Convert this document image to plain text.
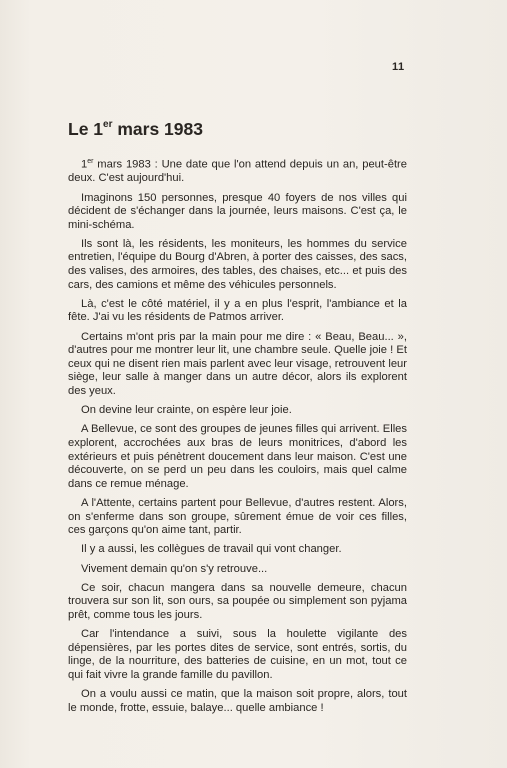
11
Le 1er mars 1983

1er mars 1983 : Une date que l'on attend depuis un an, peut-être deux. C'est aujourd'hui.

Imaginons 150 personnes, presque 40 foyers de nos villes qui décident de s'échanger dans la journée, leurs maisons. C'est ça, le mini-schéma.

Ils sont là, les résidents, les moniteurs, les hommes du service entretien, l'équipe du Bourg d'Abren, à porter des caisses, des sacs, des valises, des armoires, des tables, des chaises, etc... et puis des cars, des camions et même des véhicules personnels.

Là, c'est le côté matériel, il y a en plus l'esprit, l'ambiance et la fête. J'ai vu les résidents de Patmos arriver.

Certains m'ont pris par la main pour me dire : « Beau, Beau... », d'autres pour me montrer leur lit, une chambre seule. Quelle joie ! Et ceux qui ne disent rien mais parlent avec leur visage, retrouvent leur siège, leur salle à manger dans un autre décor, alors ils explorent des yeux.

On devine leur crainte, on espère leur joie.

A Bellevue, ce sont des groupes de jeunes filles qui arrivent. Elles explorent, accrochées aux bras de leurs monitrices, d'abord les extérieurs et puis pénètrent doucement dans leur maison. C'est une découverte, on se perd un peu dans les couloirs, mais quel calme dans ce remue ménage.

A l'Attente, certains partent pour Bellevue, d'autres restent. Alors, on s'enferme dans son groupe, sûrement émue de voir ces filles, ces garçons qu'on aime tant, partir.

Il y a aussi, les collègues de travail qui vont changer.

Vivement demain qu'on s'y retrouve...

Ce soir, chacun mangera dans sa nouvelle demeure, chacun trouvera sur son lit, son ours, sa poupée ou simplement son pyjama prêt, comme tous les jours.

Car l'intendance a suivi, sous la houlette vigilante des dépensières, par les portes dites de service, sont entrés, sortis, du linge, de la nourriture, des batteries de cuisine, en un mot, tout ce qui fait vivre la grande famille du pavillon.

On a voulu aussi ce matin, que la maison soit propre, alors, tout le monde, frotte, essuie, balaye... quelle ambiance !
